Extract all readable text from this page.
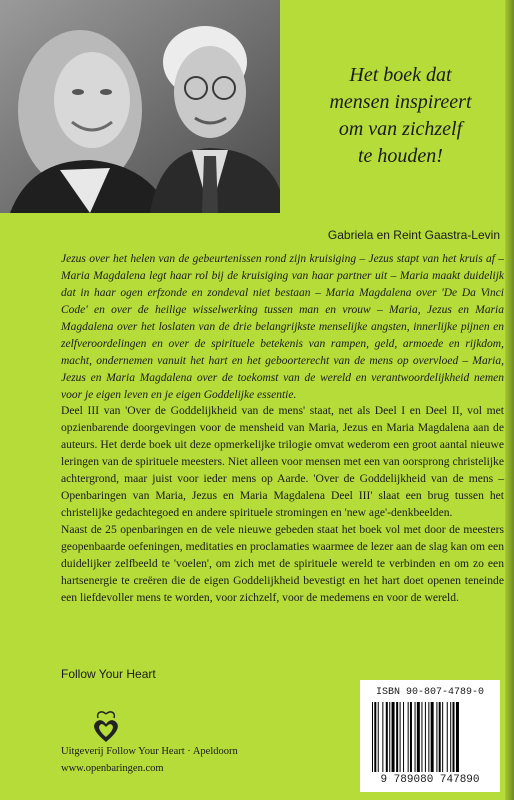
Het boek dat
mensen inspireert
om van zichzelf
te houden!
Gabriela en Reint Gaastra-Levin

Jezus over het helen van de gebeurtenissen rond zijn kruisiging – Jezus stapt van het kruis af – Maria Magdalena legt haar rol bij de kruisiging van haar partner uit – Maria maakt duidelijk dat in haar ogen erfzonde en zondeval niet bestaan – Maria Magdalena over 'De Da Vinci Code' en over de heilige wisselwerking tussen man en vrouw – Maria, Jezus en Maria Magdalena over het loslaten van de drie belangrijkste menselijke angsten, innerlijke pijnen en zelfveroordelingen en over de spirituele betekenis van rampen, geld, armoede en rijkdom, macht, ondernemen vanuit het hart en het geboorterecht van de mens op overvloed – Maria, Jezus en Maria Magdalena over de toekomst van de wereld en verantwoordelijkheid nemen voor je eigen leven en je eigen Goddelijke essentie.

Deel III van 'Over de Goddelijkheid van de mens' staat, net als Deel I en Deel II, vol met opzienbarende doorgevingen voor de mensheid van Maria, Jezus en Maria Magdalena aan de auteurs. Het derde boek uit deze opmerkelijke trilogie omvat wederom een groot aantal nieuwe leringen van de spirituele meesters. Niet alleen voor mensen met een van oorsprong christelijke achtergrond, maar juist voor ieder mens op Aarde. 'Over de Goddelijkheid van de mens – Openbaringen van Maria, Jezus en Maria Magdalena Deel III' slaat een brug tussen het christelijke gedachtegoed en andere spirituele stromingen en 'new age'-denkbeelden.

Naast de 25 openbaringen en de vele nieuwe gebeden staat het boek vol met door de meesters geopenbaarde oefeningen, meditaties en proclamaties waarmee de lezer aan de slag kan om een duidelijker zelfbeeld te 'voelen', om zich met de spirituele wereld te verbinden en om zo een hartsenergie te creëren die de eigen Goddelijkheid bevestigt en het hart doet openen teneinde een liefdevoller mens te worden, voor zichzelf, voor de medemens en voor de wereld.

Follow Your Heart
Uitgeverij Follow Your Heart · Apeldoorn
www.openbaringen.com
ISBN 90-807-4789-0
9 789080 747890
